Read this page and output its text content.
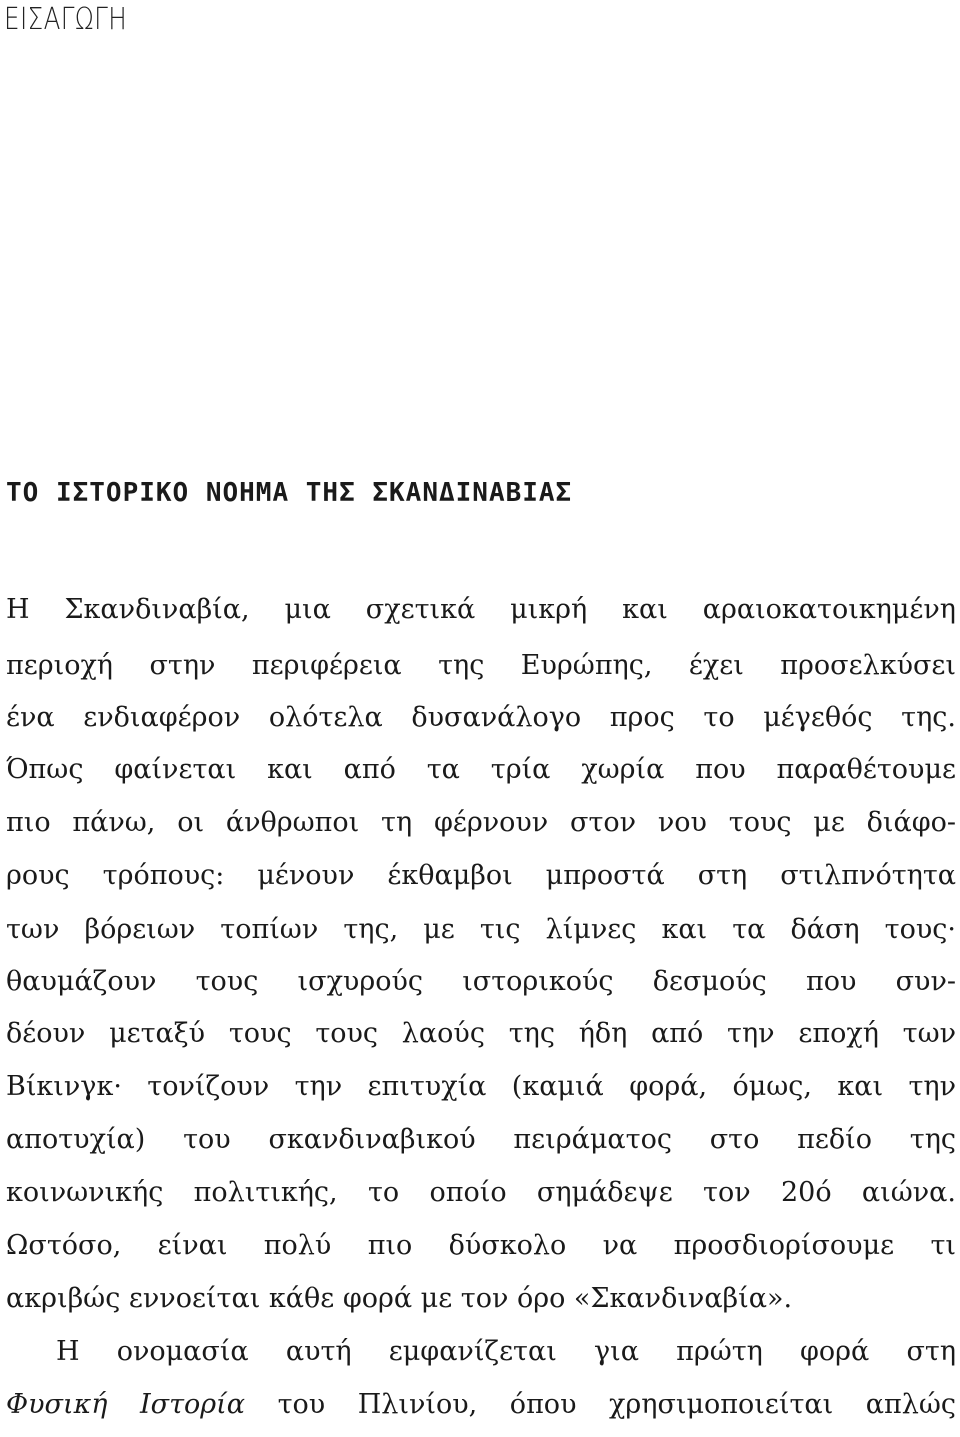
ΕΙΣΑΓΩΓΗ
ΤΟ ΙΣΤΟΡΙΚΟ ΝΟΗΜΑ ΤΗΣ ΣΚΑΝΔΙΝΑΒΙΑΣ
Η Σκανδιναβία, μια σχετικά μικρή και αραιοκατοικημένη
περιοχή στην περιφέρεια της Ευρώπης, έχει προσελκύσει
ένα ενδιαφέρον ολότελα δυσανάλογο προς το μέγεθός της.
Όπως φαίνεται και από τα τρία χωρία που παραθέτουμε
πιο πάνω, οι άνθρωποι τη φέρνουν στον νου τους με διάφο-
ρους τρόπους: μένουν έκθαμβοι μπροστά στη στιλπνότητα
των βόρειων τοπίων της, με τις λίμνες και τα δάση τους·
θαυμάζουν τους ισχυρούς ιστορικούς δεσμούς που συν-
δέουν μεταξύ τους τους λαούς της ήδη από την εποχή των
Βίκινγκ· τονίζουν την επιτυχία (καμιά φορά, όμως, και την
αποτυχία) του σκανδιναβικού πειράματος στο πεδίο της
κοινωνικής πολιτικής, το οποίο σημάδεψε τον 20ό αιώνα.
Ωστόσο, είναι πολύ πιο δύσκολο να προσδιορίσουμε τι
ακριβώς εννοείται κάθε φορά με τον όρο «Σκανδιναβία».
Η ονομασία αυτή εμφανίζεται για πρώτη φορά στη
Φυσική Ιστορία του Πλινίου, όπου χρησιμοποιείται απλώς
